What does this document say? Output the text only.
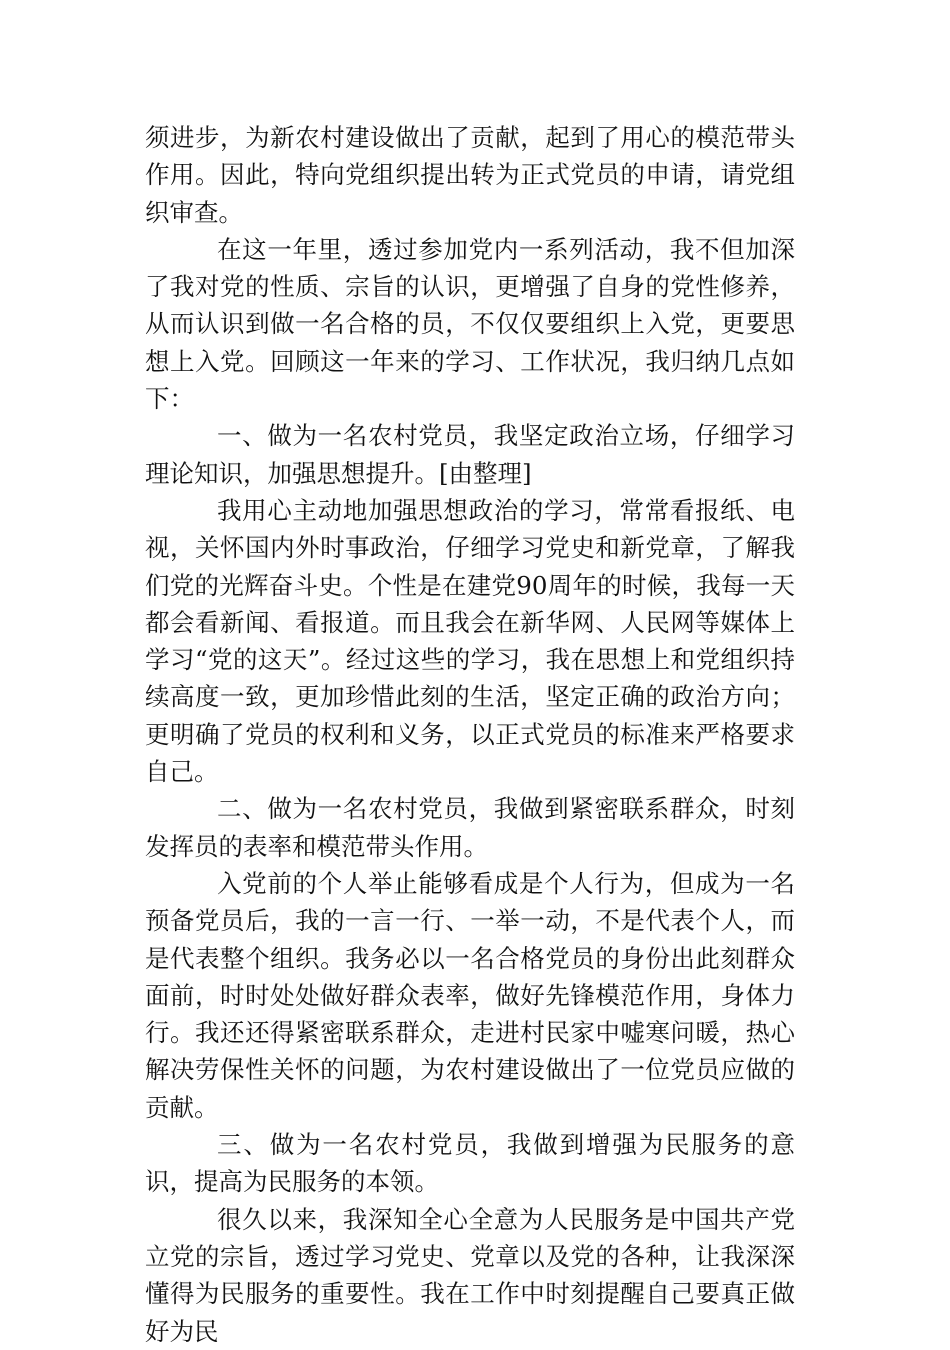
须进步，为新农村建设做出了贡献，起到了用心的模范带头作用。因此，特向党组织提出转为正式党员的申请，请党组织审查。

在这一年里，透过参加党内一系列活动，我不但加深了我对党的性质、宗旨的认识，更增强了自身的党性修养，从而认识到做一名合格的员，不仅仅要组织上入党，更要思想上入党。回顾这一年来的学习、工作状况，我归纳几点如下：

一、做为一名农村党员，我坚定政治立场，仔细学习理论知识，加强思想提升。[由整理]

我用心主动地加强思想政治的学习，常常看报纸、电视，关怀国内外时事政治，仔细学习党史和新党章，了解我们党的光辉奋斗史。个性是在建党90周年的时候，我每一天都会看新闻、看报道。而且我会在新华网、人民网等媒体上学习“党的这天”。经过这些的学习，我在思想上和党组织持续高度一致，更加珍惜此刻的生活，坚定正确的政治方向；更明确了党员的权利和义务，以正式党员的标准来严格要求自己。

二、做为一名农村党员，我做到紧密联系群众，时刻发挥员的表率和模范带头作用。

入党前的个人举止能够看成是个人行为，但成为一名预备党员后，我的一言一行、一举一动，不是代表个人，而是代表整个组织。我务必以一名合格党员的身份出此刻群众面前，时时处处做好群众表率，做好先锋模范作用，身体力行。我还还得紧密联系群众，走进村民家中嘘寒问暖，热心解决劳保性关怀的问题，为农村建设做出了一位党员应做的贡献。

三、做为一名农村党员，我做到增强为民服务的意识，提高为民服务的本领。

很久以来，我深知全心全意为人民服务是中国共产党立党的宗旨，透过学习党史、党章以及党的各种，让我深深懂得为民服务的重要性。我在工作中时刻提醒自己要真正做好为民
